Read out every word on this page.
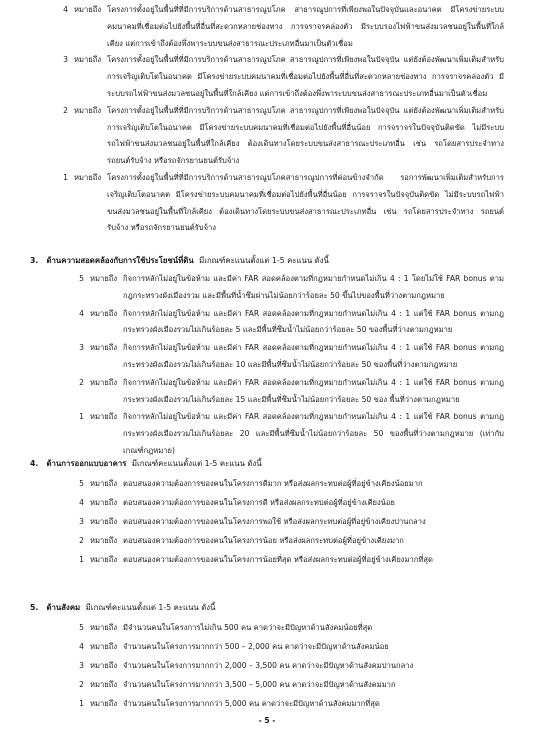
4 หมายถึง โครงการตั้งอยู่ในพื้นที่ที่มีการบริการด้านสาธารณูปโภค สาธารณูปการที่เพียงพอในปัจจุบันและอนาคต มีโครงข่ายระบบคมนาคมที่เชื่อมต่อไปยังพื้นที่อื่นที่สะดวกหลายช่องทาง การจราจรคล่องตัว มีระบบรองไฟฟ้าขนส่งมวลชนอยู่ในพื้นที่ใกล้เคียง แต่การเข้าถึงต้องพึ่งพาระบบขนส่งสาธารณะประเภทอื่นมาเป็นตัวเชื่อม
3 หมายถึง โครงการตั้งอยู่ในพื้นที่ที่มีการบริการด้านสาธารณูปโภค สาธารณูปการที่เพียงพอในปัจจุบัน แต่ยังต้องพัฒนาเพิ่มเติมสำหรับการเจริญเติบโตในอนาคต มีโครงข่ายระบบคมนาคมที่เชื่อมต่อไปยังพื้นที่อื่นที่สะดวกหลายช่องทาง การจราจรคล่องตัว มีระบบรถไฟฟ้าขนส่งมวลชนอยู่ในพื้นที่ใกล้เคียง แต่การเข้าถึงต้องพึ่งพาระบบขนส่งสาธารณะประเภทอื่นมาเป็นตัวเชื่อม
2 หมายถึง โครงการตั้งอยู่ในพื้นที่ที่มีการบริการด้านสาธารณูปโภค สาธารณูปการที่เพียงพอในปัจจุบัน แต่ยังต้องพัฒนาเพิ่มเติมสำหรับการเจริญเติบโตในอนาคต มีโครงข่ายระบบคมนาคมที่เชื่อมต่อไปยังพื้นที่อื่นน้อย การจราจรในปัจจุบันติดขัด ไม่มีระบบรถไฟฟ้าขนส่งมวลชนอยู่ในพื้นที่ใกล้เคียง ต้องเดินทางโดยระบบขนส่งสาธารณะประเภทอื่น เช่น รถโดยสารประจำทาง รถยนต์รับจ้าง หรือรถจักรยานยนต์รับจ้าง
1 หมายถึง โครงการตั้งอยู่ในพื้นที่ที่มีการบริการด้านสาธารณูปโภคสาธารณูปการที่ค่อนข้างจำกัด รอการพัฒนาเพิ่มเติมสำหรับการเจริญเติบโตอนาคต มีโครงข่ายระบบคมนาคมที่เชื่อมต่อไปยังพื้นที่อื่นน้อย การจราจรในปัจจุบันติดขัด ไม่มีระบบรถไฟฟ้าขนส่งมวลชนอยู่ในพื้นที่ใกล้เคียง ต้องเดินทางโดยระบบขนส่งสาธารณะประเภทอื่น เช่น รถโดยสารประจำทาง รถยนต์รับจ้าง หรือรถจักรยานยนต์รับจ้าง
3. ด้านความสอดคล้องกับการใช้ประโยชน์ที่ดิน มีเกณฑ์คะแนนตั้งแต่ 1-5 คะแนน ดังนี้
5 หมายถึง กิจการหลักไม่อยู่ในข้อห้าม และมีค่า FAR สอดคล้องตามที่กฎหมายกำหนดไม่เกิน 4 : 1 โดยไม่ใช้ FAR bonus ตามกฎกระทรวงผังเมืองรวม และมีพื้นที่น้ำซึมผ่านไม่น้อยกว่าร้อยละ 50 ขึ้นไปของพื้นที่ว่างตามกฎหมาย
4 หมายถึง กิจการหลักไม่อยู่ในข้อห้าม และมีค่า FAR สอดคล้องตามที่กฎหมายกำหนดไม่เกิน 4 : 1 แต่ใช้ FAR bonus ตามกฎกระทรวงผังเมืองรวมไม่เกินร้อยละ 5 และมีพื้นที่ซึมน้ำไม่น้อยกว่าร้อยละ 50 ของพื้นที่ว่างตามกฎหมาย
3 หมายถึง กิจการหลักไม่อยู่ในข้อห้าม และมีค่า FAR สอดคล้องตามที่กฎหมายกำหนดไม่เกิน 4 : 1 แต่ใช้ FAR bonus ตามกฎกระทรวงผังเมืองรวมไม่เกินร้อยละ 10 และมีพื้นที่ซึมน้ำไม่น้อยกว่าร้อยละ 50 ของพื้นที่ว่างตามกฎหมาย
2 หมายถึง กิจการหลักไม่อยู่ในข้อห้าม และมีค่า FAR สอดคล้องตามที่กฎหมายกำหนดไม่เกิน 4 : 1 แต่ใช้ FAR bonus ตามกฎกระทรวงผังเมืองรวมไม่เกินร้อยละ 15 และมีพื้นที่ซึมน้ำไม่น้อยกว่าร้อยละ 50 ของ พื้นที่ว่างตามกฎหมาย
1 หมายถึง กิจการหลักไม่อยู่ในข้อห้าม และมีค่า FAR สอดคล้องตามที่กฎหมายกำหนดไม่เกิน 4 : 1 แต่ใช้ FAR bonus ตามกฎกระทรวงผังเมืองรวมไม่เกินร้อยละ 20 และมีพื้นที่ซึมน้ำไม่น้อยกว่าร้อยละ 50 ของพื้นที่ว่างตามกฎหมาย (เท่ากับเกณฑ์กฎหมาย)
4. ด้านการออกแบบอาคาร มีเกณฑ์คะแนนตั้งแต่ 1-5 คะแนน ดังนี้
5 หมายถึง ตอบสนองความต้องการของคนในโครงการดีมาก หรือส่งผลกระทบต่อผู้ที่อยู่ข้างเคียงน้อยมาก
4 หมายถึง ตอบสนองความต้องการของคนในโครงการดี หรือส่งผลกระทบต่อผู้ที่อยู่ข้างเคียงน้อย
3 หมายถึง ตอบสนองความต้องการของคนในโครงการพอใช้ หรือส่งผลกระทบต่อผู้ที่อยู่ข้างเคียงปานกลาง
2 หมายถึง ตอบสนองความต้องการของคนในโครงการน้อย หรือส่งผลกระทบต่อผู้ที่อยู่ข้างเคียงมาก
1 หมายถึง ตอบสนองความต้องการของคนในโครงการน้อยที่สุด หรือส่งผลกระทบต่อผู้ที่อยู่ข้างเคียงมากที่สุด
5. ด้านสังคม มีเกณฑ์คะแนนตั้งแต่ 1-5 คะแนน ดังนี้
5 หมายถึง มีจำนวนคนในโครงการไม่เกิน 500 คน คาดว่าจะมีปัญหาด้านสังคมน้อยที่สุด
4 หมายถึง จำนวนคนในโครงการมากกว่า 500 – 2,000 คน คาดว่าจะมีปัญหาด้านสังคมน้อย
3 หมายถึง จำนวนคนในโครงการมากกว่า 2,000 – 3,500 คน คาดว่าจะมีปัญหาด้านสังคมปานกลาง
2 หมายถึง จำนวนคนในโครงการมากกว่า 3,500 – 5,000 คน คาดว่าจะมีปัญหาด้านสังคมมาก
1 หมายถึง จำนวนคนในโครงการมากกว่า 5,000 คน คาดว่าจะมีปัญหาด้านสังคมมากที่สุด
- 5 -
